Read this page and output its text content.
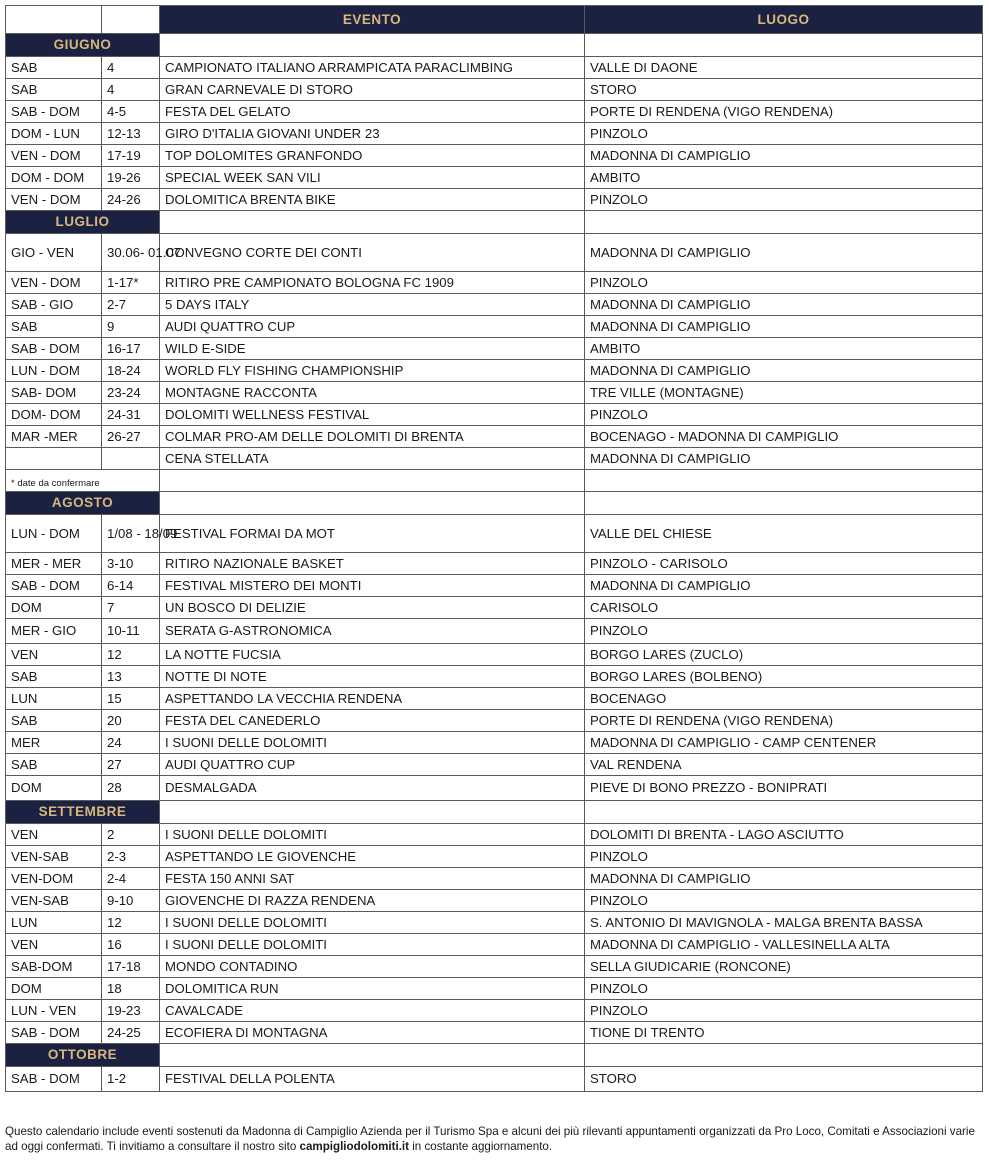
		EVENTO	LUOGO
GIUGNO			
SAB	4	CAMPIONATO ITALIANO ARRAMPICATA PARACLIMBING	VALLE DI DAONE
SAB	4	GRAN CARNEVALE DI STORO	STORO
SAB - DOM	4-5	FESTA DEL GELATO	PORTE DI RENDENA (VIGO RENDENA)
DOM - LUN	12-13	GIRO D'ITALIA GIOVANI UNDER 23	PINZOLO
VEN - DOM	17-19	TOP DOLOMITES GRANFONDO	MADONNA DI CAMPIGLIO
DOM - DOM	19-26	SPECIAL WEEK SAN VILI	AMBITO
VEN - DOM	24-26	DOLOMITICA BRENTA BIKE	PINZOLO
LUGLIO			
GIO - VEN	30.06- 01.07	CONVEGNO CORTE DEI CONTI	MADONNA DI CAMPIGLIO
VEN - DOM	1-17*	RITIRO PRE CAMPIONATO BOLOGNA FC 1909	PINZOLO
SAB - GIO	2-7	5 DAYS ITALY	MADONNA DI CAMPIGLIO
SAB	9	AUDI QUATTRO CUP	MADONNA DI CAMPIGLIO
SAB - DOM	16-17	WILD E-SIDE	AMBITO
LUN - DOM	18-24	WORLD FLY FISHING CHAMPIONSHIP	MADONNA DI CAMPIGLIO
SAB- DOM	23-24	MONTAGNE RACCONTA	TRE VILLE (MONTAGNE)
DOM- DOM	24-31	DOLOMITI WELLNESS FESTIVAL	PINZOLO
MAR -MER	26-27	COLMAR PRO-AM DELLE DOLOMITI DI BRENTA	BOCENAGO - MADONNA DI CAMPIGLIO
		CENA STELLATA	MADONNA DI CAMPIGLIO
* date da confermare			
AGOSTO			
LUN - DOM	1/08 - 18/09	FESTIVAL FORMAI DA MOT	VALLE DEL CHIESE
MER - MER	3-10	RITIRO NAZIONALE BASKET	PINZOLO - CARISOLO
SAB - DOM	6-14	FESTIVAL MISTERO DEI MONTI	MADONNA DI CAMPIGLIO
DOM	7	UN BOSCO DI DELIZIE	CARISOLO
MER - GIO	10-11	SERATA G-ASTRONOMICA	PINZOLO
VEN	12	LA NOTTE FUCSIA	BORGO LARES (ZUCLO)
SAB	13	NOTTE DI NOTE	BORGO LARES (BOLBENO)
LUN	15	ASPETTANDO LA VECCHIA RENDENA	BOCENAGO
SAB	20	FESTA DEL CANEDERLO	PORTE DI RENDENA (VIGO RENDENA)
MER	24	I SUONI DELLE DOLOMITI	MADONNA DI CAMPIGLIO - CAMP CENTENER
SAB	27	AUDI QUATTRO CUP	VAL RENDENA
DOM	28	DESMALGADA	PIEVE DI BONO PREZZO - BONIPRATI
SETTEMBRE			
VEN	2	I SUONI DELLE DOLOMITI	DOLOMITI DI BRENTA - LAGO ASCIUTTO
VEN-SAB	2-3	ASPETTANDO LE GIOVENCHE	PINZOLO
VEN-DOM	2-4	FESTA 150 ANNI SAT	MADONNA DI CAMPIGLIO
VEN-SAB	9-10	GIOVENCHE DI RAZZA RENDENA	PINZOLO
LUN	12	I SUONI DELLE DOLOMITI	S. ANTONIO DI MAVIGNOLA - MALGA BRENTA BASSA
VEN	16	I SUONI DELLE DOLOMITI	MADONNA DI CAMPIGLIO - VALLESINELLA ALTA
SAB-DOM	17-18	MONDO CONTADINO	SELLA GIUDICARIE (RONCONE)
DOM	18	DOLOMITICA RUN	PINZOLO
LUN - VEN	19-23	CAVALCADE	PINZOLO
SAB - DOM	24-25	ECOFIERA DI MONTAGNA	TIONE DI TRENTO
OTTOBRE			
SAB - DOM	1-2	FESTIVAL DELLA POLENTA	STORO
Questo calendario include eventi sostenuti da Madonna di Campiglio Azienda per il Turismo Spa e alcuni dei più rilevanti appuntamenti organizzati da Pro Loco, Comitati e Associazioni varie ad oggi confermati. Ti invitiamo a consultare il nostro sito campigliodolomiti.it in costante aggiornamento.
